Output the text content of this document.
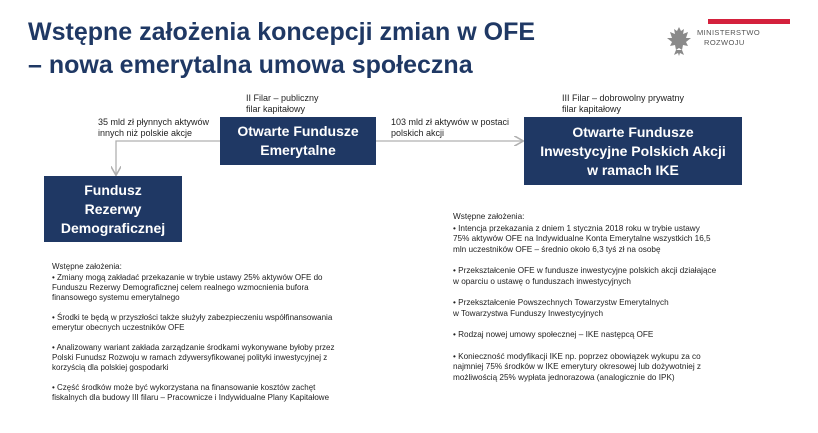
Wstępne założenia koncepcji zmian w OFE
– nowa emerytalna umowa społeczna
MINISTERSTWO
ROZWOJU
II Filar – publiczny
filar kapitałowy
III Filar – dobrowolny prywatny
filar kapitałowy
35 mld zł płynnych aktywów
innych niż polskie akcje
103 mld zł aktywów w postaci
polskich akcji
Otwarte Fundusze
Emerytalne
Otwarte Fundusze
Inwestycyjne Polskich Akcji
w ramach IKE
Fundusz
Rezerwy
Demograficznej
Wstępne założenia:
• Zmiany mogą zakładać przekazanie w trybie ustawy 25% aktywów OFE do
Funduszu Rezerwy Demograficznej celem realnego wzmocnienia bufora
finansowego systemu emerytalnego
• Środki te będą w przyszłości także służyły zabezpieczeniu współfinansowania
emerytur obecnych uczestników OFE
• Analizowany wariant zakłada zarządzanie środkami wykonywane byłoby przez
Polski Funudsz Rozwoju w ramach zdywersyfikowanej polityki inwestycyjnej z
korzyścią dla polskiej gospodarki
• Część środków może być wykorzystana na finansowanie kosztów zachęt
fiskalnych dla budowy III filaru – Pracownicze i Indywidualne Plany Kapitałowe
Wstępne założenia:
• Intencja przekazania z dniem 1 stycznia 2018 roku w trybie ustawy
75% aktywów OFE na Indywidualne Konta Emerytalne wszystkich 16,5
mln uczestników OFE – średnio około 6,3 tyś zł na osobę
• Przekształcenie OFE w fundusze inwestycyjne polskich akcji działające
w oparciu o ustawę o funduszach inwestycyjnych
• Przekształcenie Powszechnych Towarzystw Emerytalnych
w Towarzystwa Funduszy Inwestycyjnych
• Rodzaj nowej umowy społecznej – IKE następcą OFE
• Konieczność modyfikacji IKE np. poprzez obowiązek wykupu za co
najmniej 75% środków w IKE emerytury okresowej lub dożywotniej z
możliwością 25% wypłata jednorazowa (analogicznie do IPK)
